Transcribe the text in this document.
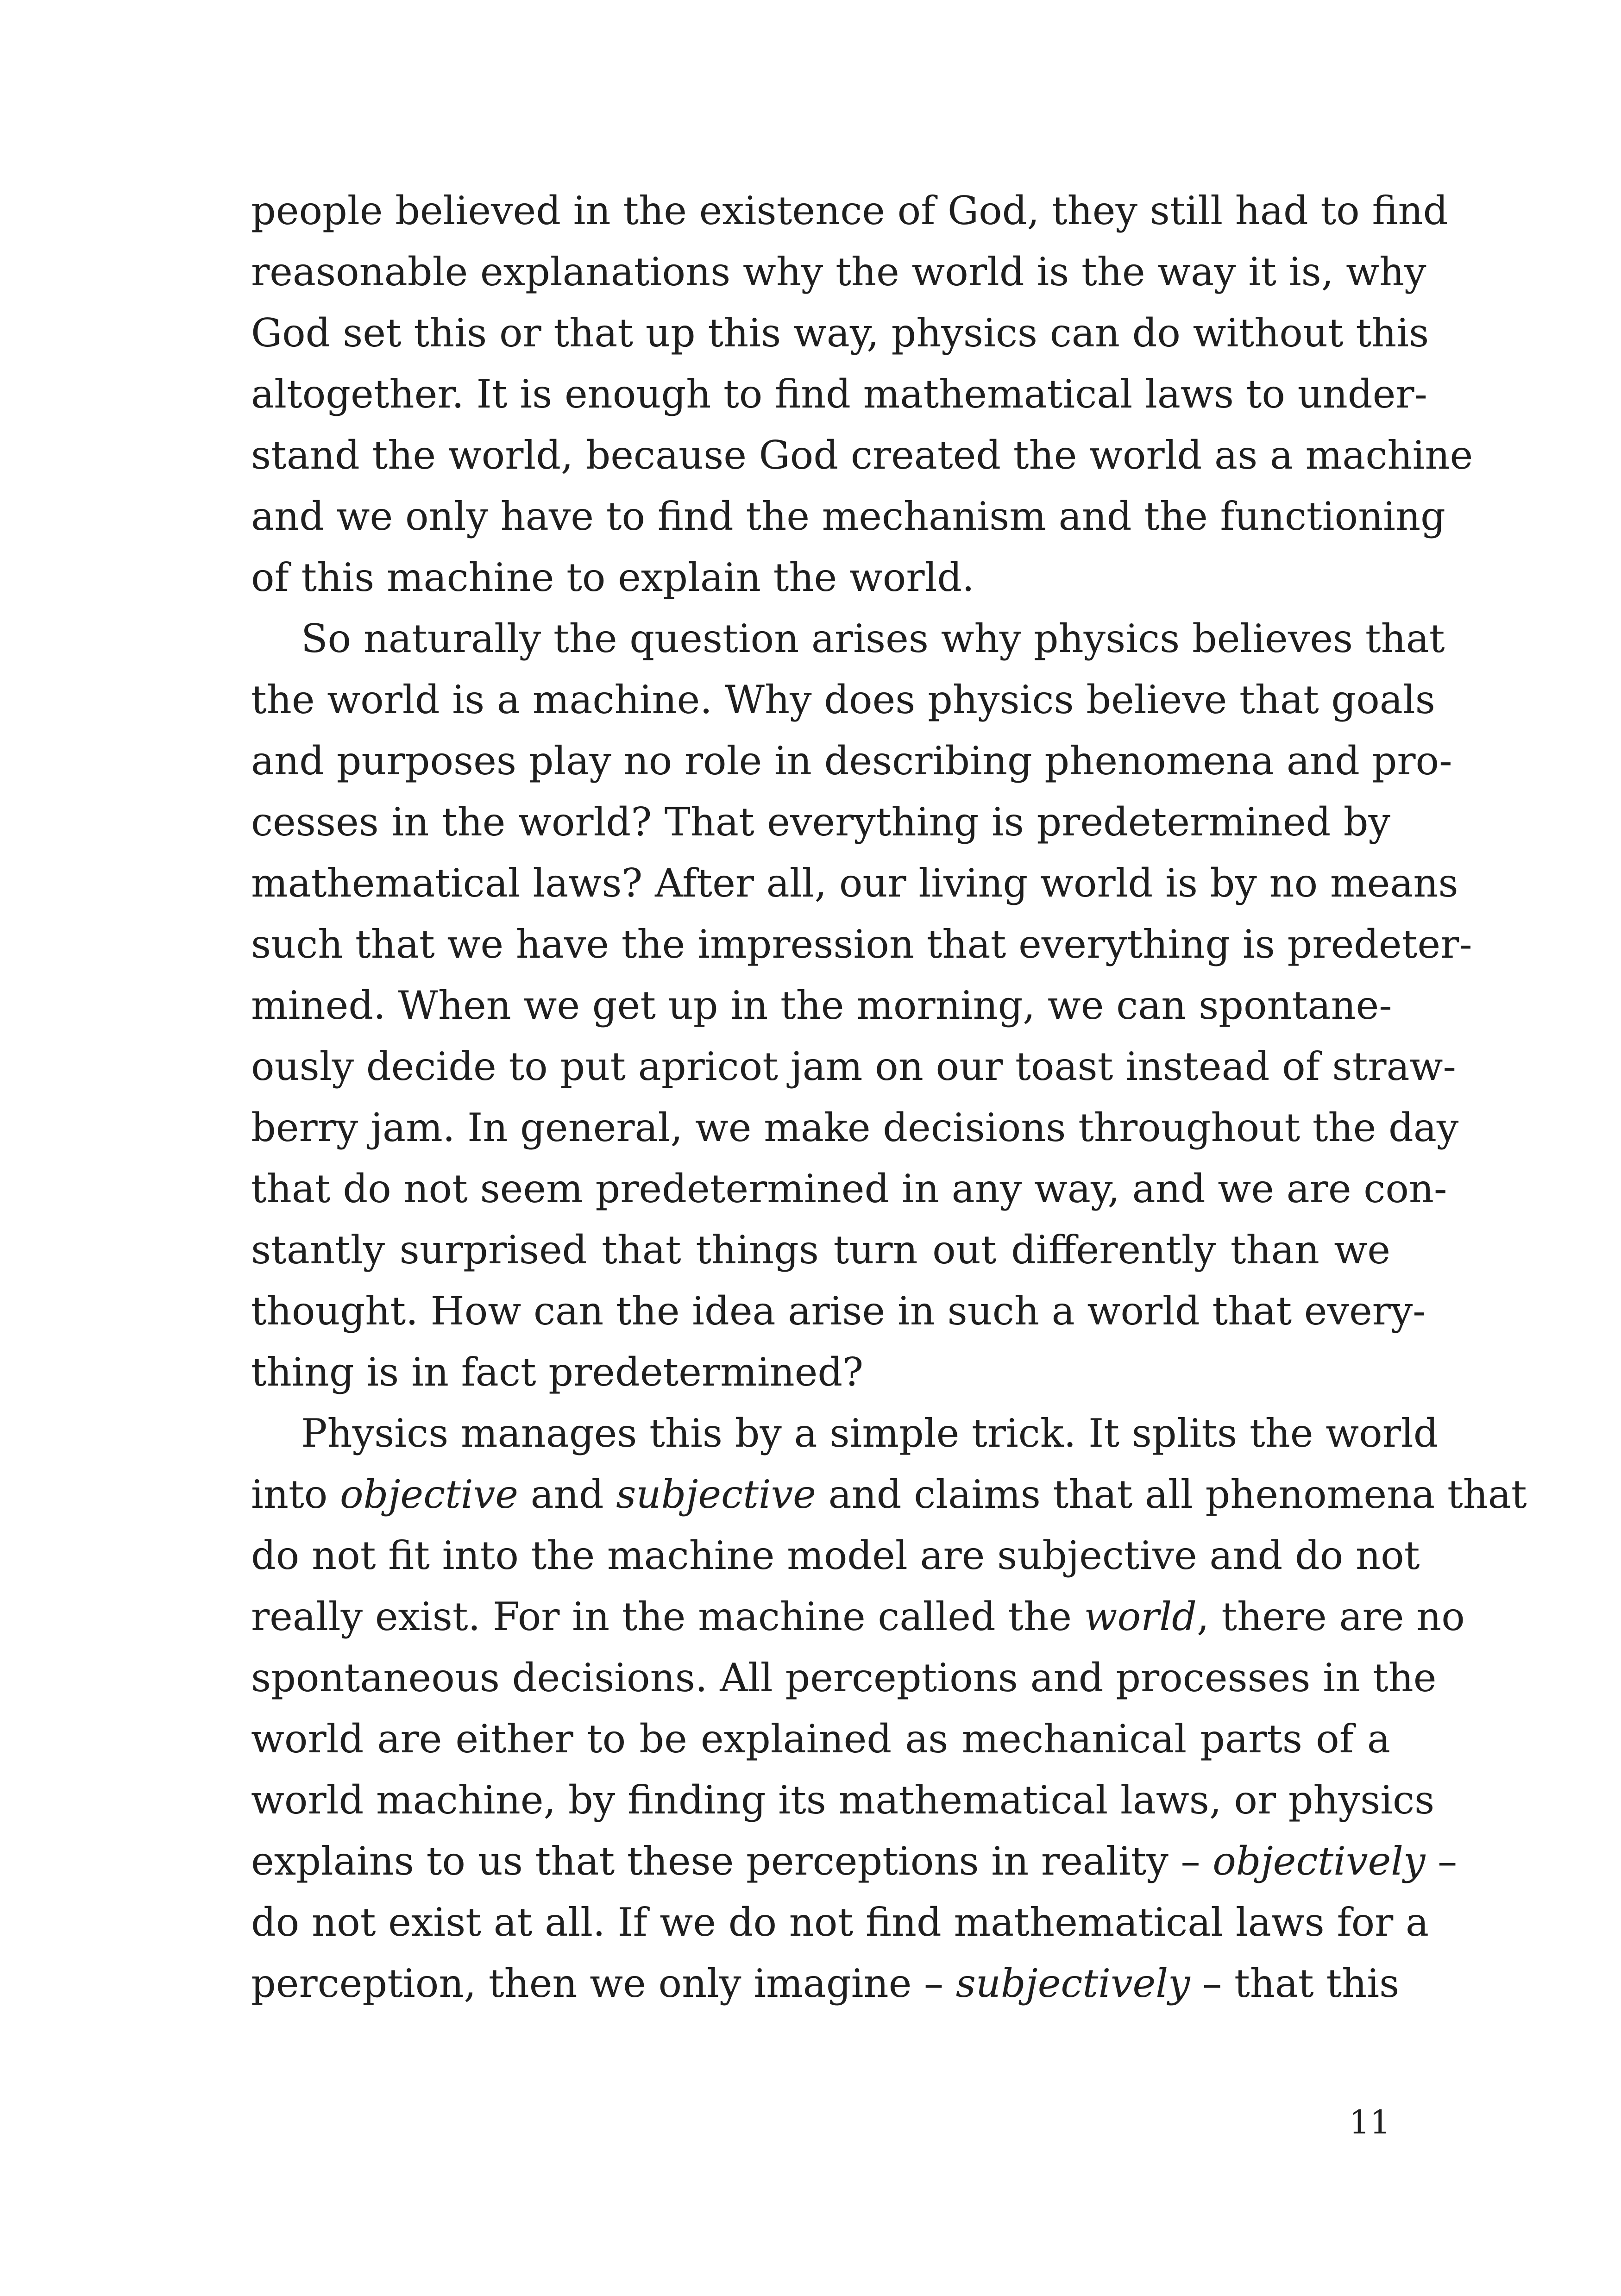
people believed in the existence of God, they still had to find
reasonable explanations why the world is the way it is, why
God set this or that up this way, physics can do without this
altogether. It is enough to find mathematical laws to under-
stand the world, because God created the world as a machine
and we only have to find the mechanism and the functioning
of this machine to explain the world.
So naturally the question arises why physics believes that
the world is a machine. Why does physics believe that goals
and purposes play no role in describing phenomena and pro-
cesses in the world? That everything is predetermined by
mathematical laws? After all, our living world is by no means
such that we have the impression that everything is predeter-
mined. When we get up in the morning, we can spontane-
ously decide to put apricot jam on our toast instead of straw-
berry jam. In general, we make decisions throughout the day
that do not seem predetermined in any way, and we are con-
stantly surprised that things turn out differently than we
thought. How can the idea arise in such a world that every-
thing is in fact predetermined?
Physics manages this by a simple trick. It splits the world
into objective and subjective and claims that all phenomena that
do not fit into the machine model are subjective and do not
really exist. For in the machine called the world, there are no
spontaneous decisions. All perceptions and processes in the
world are either to be explained as mechanical parts of a
world machine, by finding its mathematical laws, or physics
explains to us that these perceptions in reality – objectively –
do not exist at all. If we do not find mathematical laws for a
perception, then we only imagine – subjectively – that this
11
